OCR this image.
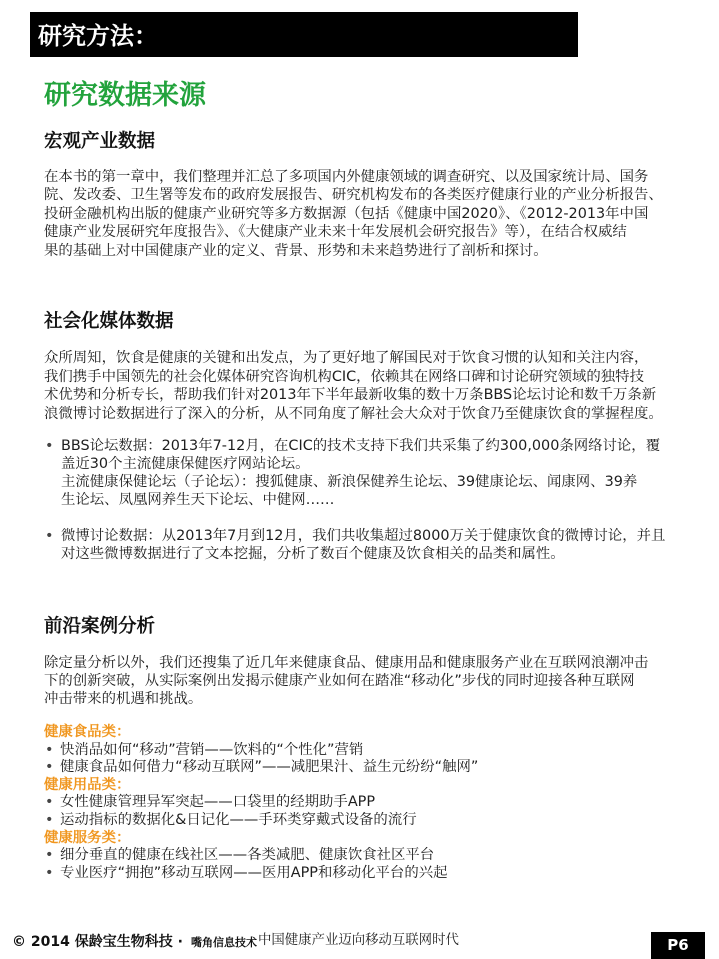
研究方法：
研究数据来源
宏观产业数据
在本书的第一章中，我们整理并汇总了多项国内外健康领域的调查研究、以及国家统计局、国务
院、发改委、卫生署等发布的政府发展报告、研究机构发布的各类医疗健康行业的产业分析报告、
投研金融机构出版的健康产业研究等多方数据源（包括《健康中国2020》、《2012-2013年中国
健康产业发展研究年度报告》、《大健康产业未来十年发展机会研究报告》等），在结合权威结
果的基础上对中国健康产业的定义、背景、形势和未来趋势进行了剖析和探讨。
社会化媒体数据
众所周知，饮食是健康的关键和出发点，为了更好地了解国民对于饮食习惯的认知和关注内容，
我们携手中国领先的社会化媒体研究咨询机构CIC，依赖其在网络口碑和讨论研究领域的独特技
术优势和分析专长，帮助我们针对2013年下半年最新收集的数十万条BBS论坛讨论和数千万条新
浪微博讨论数据进行了深入的分析，从不同角度了解社会大众对于饮食乃至健康饮食的掌握程度。
• BBS论坛数据：2013年7-12月，在CIC的技术支持下我们共采集了约300,000条网络讨论，覆
盖近30个主流健康保健医疗网站论坛。
主流健康保健论坛（子论坛）：搜狐健康、新浪保健养生论坛、39健康论坛、闻康网、39养
生论坛、凤凰网养生天下论坛、中健网……
• 微博讨论数据：从2013年7月到12月，我们共收集超过8000万关于健康饮食的微博讨论，并且
对这些微博数据进行了文本挖掘，分析了数百个健康及饮食相关的品类和属性。
前沿案例分析
除定量分析以外，我们还搜集了近几年来健康食品、健康用品和健康服务产业在互联网浪潮冲击
下的创新突破，从实际案例出发揭示健康产业如何在踏准“移动化”步伐的同时迎接各种互联网
冲击带来的机遇和挑战。
健康食品类：
• 快消品如何“移动”营销——饮料的“个性化”营销
• 健康食品如何借力“移动互联网”——减肥果汁、益生元纷纷“触网”
健康用品类：
• 女性健康管理异军突起——口袋里的经期助手APP
• 运动指标的数据化&日记化——手环类穿戴式设备的流行
健康服务类：
• 细分垂直的健康在线社区——各类减肥、健康饮食社区平台
• 专业医疗“拥抱”移动互联网——医用APP和移动化平台的兴起
© 2014 保龄宝生物科技 · 嘴角信息技术 中国健康产业迈向移动互联网时代	P6
